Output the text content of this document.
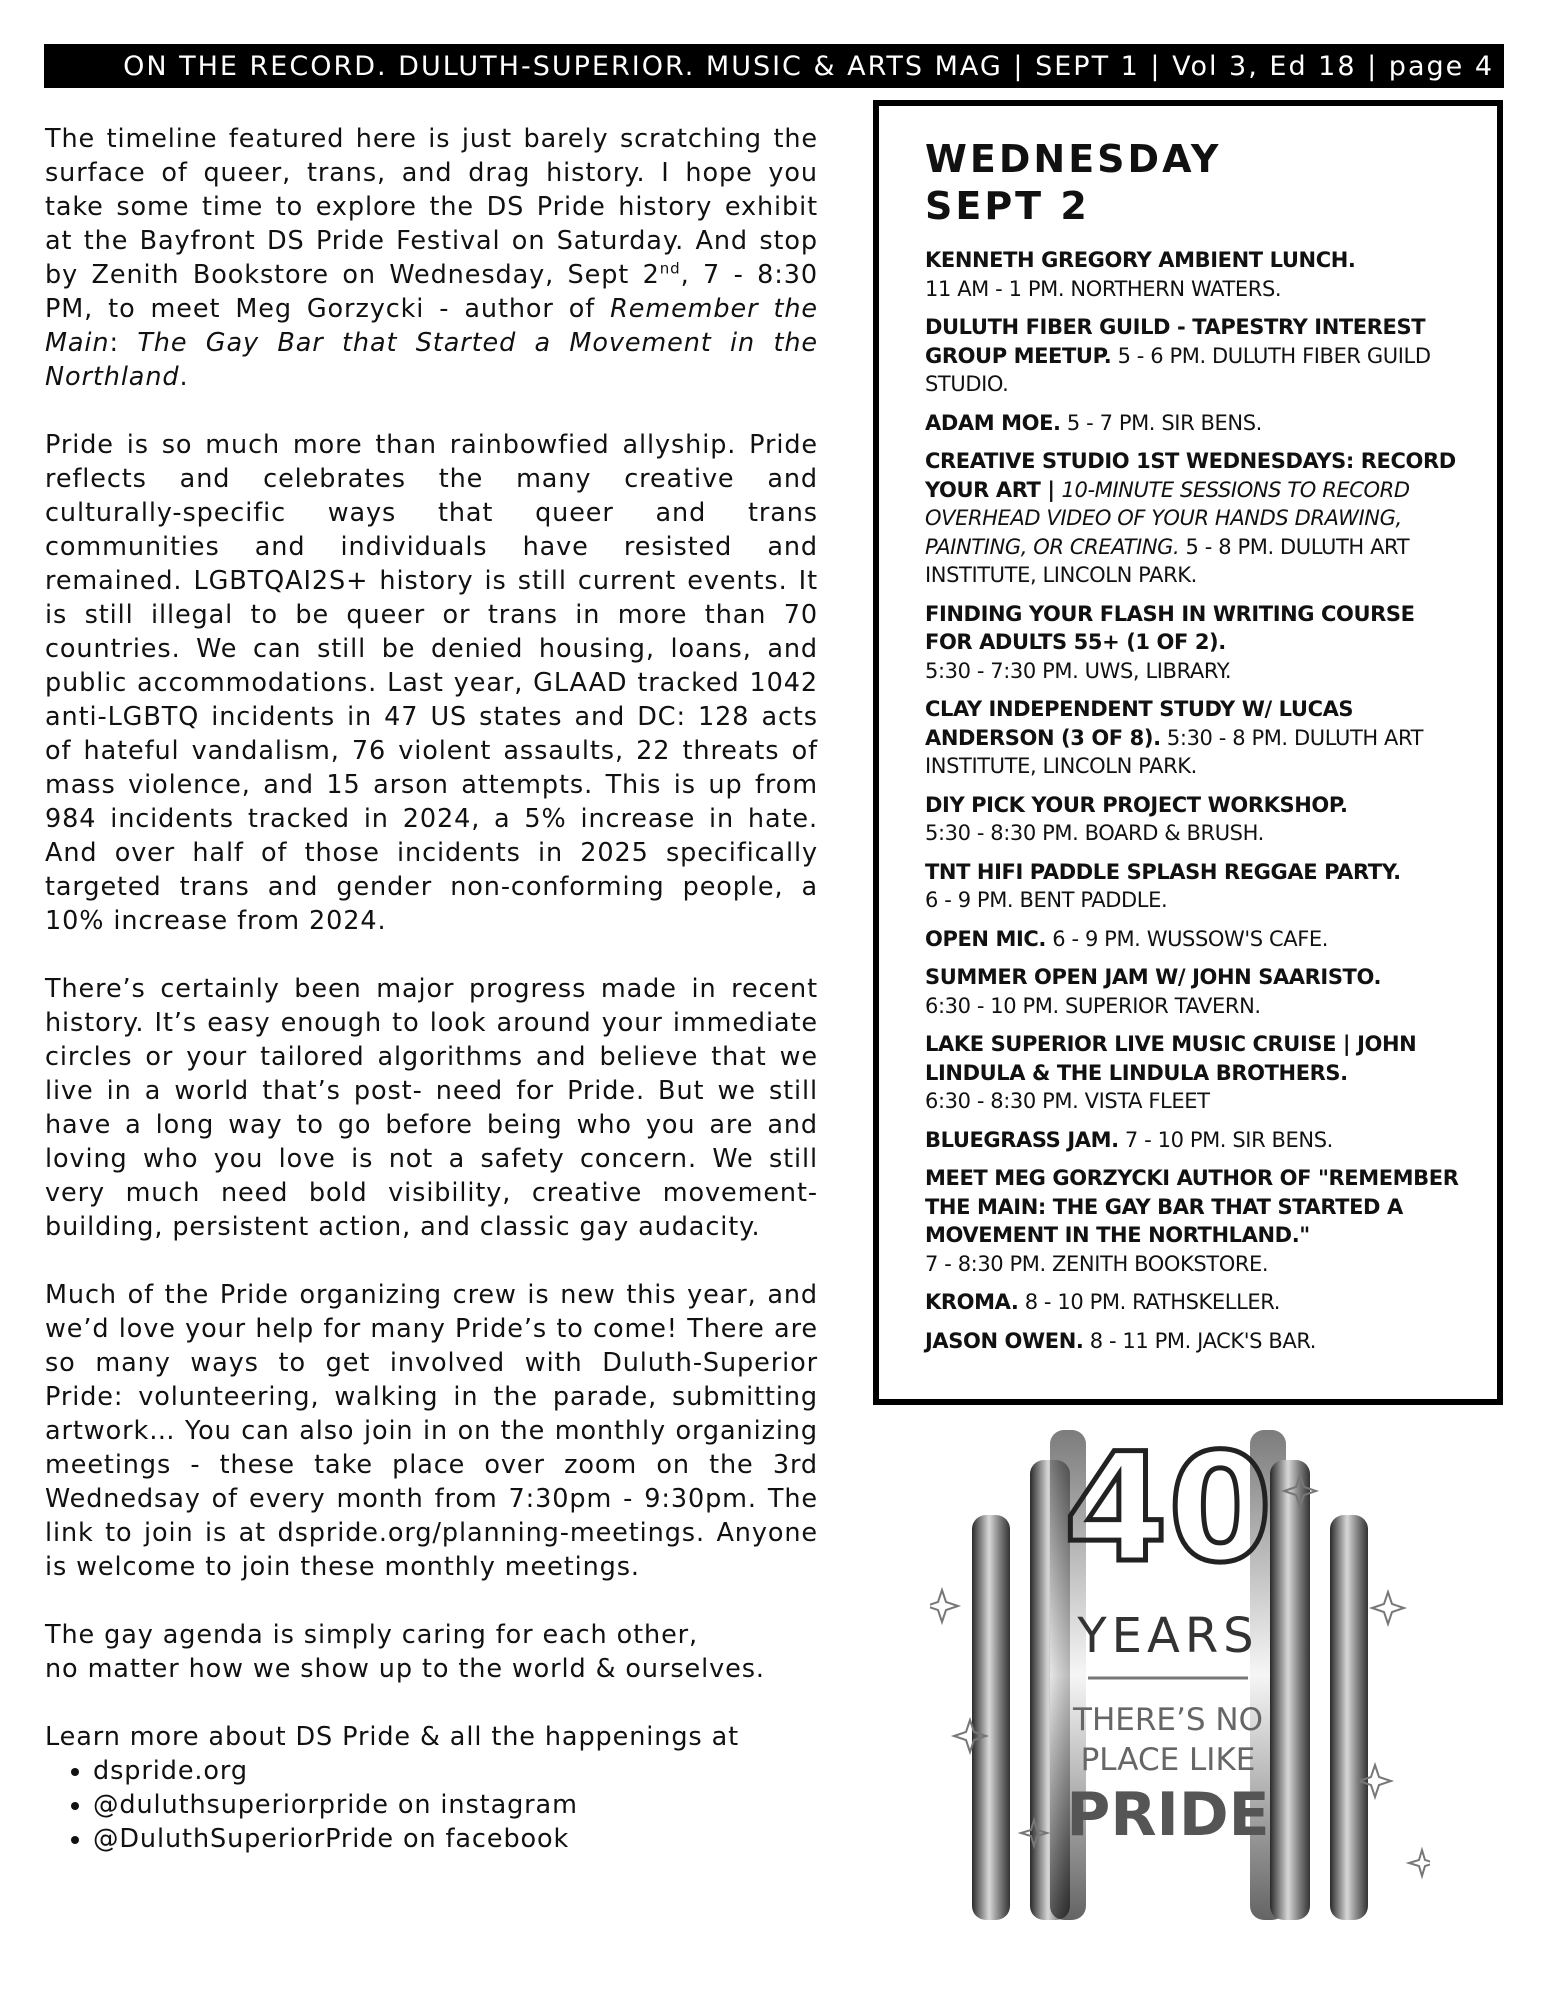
ON THE RECORD. DULUTH-SUPERIOR. MUSIC & ARTS MAG | SEPT 1 | Vol 3, Ed 18 | page 4

The timeline featured here is just barely scratching the surface of queer, trans, and drag history. I hope you take some time to explore the DS Pride history exhibit at the Bayfront DS Pride Festival on Saturday. And stop by Zenith Bookstore on Wednesday, Sept 2nd, 7 - 8:30 PM, to meet Meg Gorzycki - author of Remember the Main: The Gay Bar that Started a Movement in the Northland.

Pride is so much more than rainbowfied allyship. Pride reflects and celebrates the many creative and culturally-specific ways that queer and trans communities and individuals have resisted and remained. LGBTQAI2S+ history is still current events. It is still illegal to be queer or trans in more than 70 countries. We can still be denied housing, loans, and public accommodations. Last year, GLAAD tracked 1042 anti-LGBTQ incidents in 47 US states and DC: 128 acts of hateful vandalism, 76 violent assaults, 22 threats of mass violence, and 15 arson attempts. This is up from 984 incidents tracked in 2024, a 5% increase in hate. And over half of those incidents in 2025 specifically targeted trans and gender non-conforming people, a 10% increase from 2024.

There’s certainly been major progress made in recent history. It’s easy enough to look around your immediate circles or your tailored algorithms and believe that we live in a world that’s post- need for Pride. But we still have a long way to go before being who you are and loving who you love is not a safety concern. We still very much need bold visibility, creative movement-building, persistent action, and classic gay audacity.

Much of the Pride organizing crew is new this year, and we’d love your help for many Pride’s to come! There are so many ways to get involved with Duluth-Superior Pride: volunteering, walking in the parade, submitting artwork… You can also join in on the monthly organizing meetings - these take place over zoom on the 3rd Wednedsay of every month from 7:30pm - 9:30pm. The link to join is at dspride.org/planning-meetings. Anyone is welcome to join these monthly meetings.

The gay agenda is simply caring for each other,
no matter how we show up to the world & ourselves.

Learn more about DS Pride & all the happenings at

• dspride.org
• @duluthsuperiorpride on instagram
• @DuluthSuperiorPride on facebook
WEDNESDAY
SEPT 2
KENNETH GREGORY AMBIENT LUNCH.
11 AM - 1 PM. NORTHERN WATERS.
DULUTH FIBER GUILD - TAPESTRY INTEREST GROUP MEETUP. 5 - 6 PM. DULUTH FIBER GUILD STUDIO.
ADAM MOE. 5 - 7 PM. SIR BENS.
CREATIVE STUDIO 1ST WEDNESDAYS: RECORD YOUR ART | 10-MINUTE SESSIONS TO RECORD OVERHEAD VIDEO OF YOUR HANDS DRAWING, PAINTING, OR CREATING. 5 - 8 PM. DULUTH ART INSTITUTE, LINCOLN PARK.
FINDING YOUR FLASH IN WRITING COURSE FOR ADULTS 55+ (1 OF 2).
5:30 - 7:30 PM. UWS, LIBRARY.
CLAY INDEPENDENT STUDY W/ LUCAS ANDERSON (3 OF 8). 5:30 - 8 PM. DULUTH ART INSTITUTE, LINCOLN PARK.
DIY PICK YOUR PROJECT WORKSHOP.
5:30 - 8:30 PM. BOARD & BRUSH.
TNT HIFI PADDLE SPLASH REGGAE PARTY.
6 - 9 PM. BENT PADDLE.
OPEN MIC. 6 - 9 PM. WUSSOW'S CAFE.
SUMMER OPEN JAM W/ JOHN SAARISTO.
6:30 - 10 PM. SUPERIOR TAVERN.
LAKE SUPERIOR LIVE MUSIC CRUISE | JOHN LINDULA & THE LINDULA BROTHERS.
6:30 - 8:30 PM. VISTA FLEET
BLUEGRASS JAM. 7 - 10 PM. SIR BENS.
MEET MEG GORZYCKI AUTHOR OF "REMEMBER THE MAIN: THE GAY BAR THAT STARTED A MOVEMENT IN THE NORTHLAND."
7 - 8:30 PM. ZENITH BOOKSTORE.
KROMA. 8 - 10 PM. RATHSKELLER.
JASON OWEN. 8 - 11 PM. JACK'S BAR.
40
YEARS
THERE’S NO
PLACE LIKE
PRIDE
